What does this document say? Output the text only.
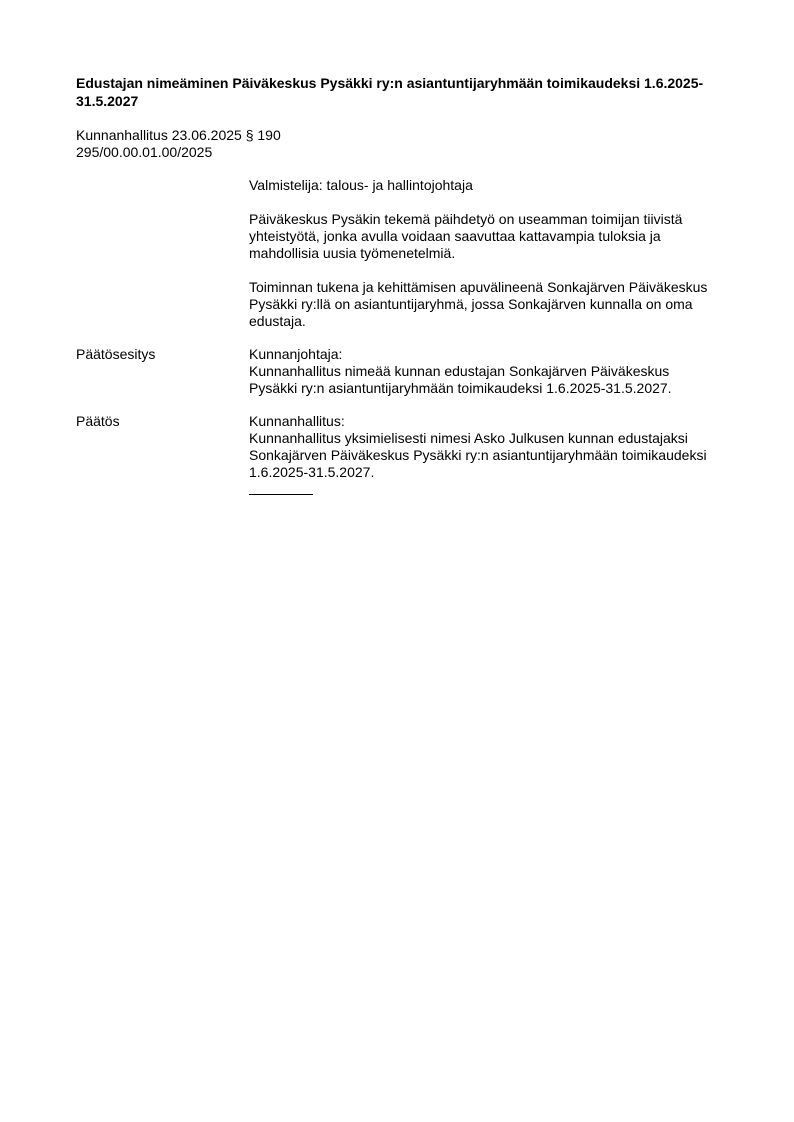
Edustajan nimeäminen Päiväkeskus Pysäkki ry:n asiantuntijaryhmään toimikaudeksi 1.6.2025-31.5.2027
Kunnanhallitus 23.06.2025 § 190
295/00.00.01.00/2025
Valmistelija: talous- ja hallintojohtaja
Päiväkeskus Pysäkin tekemä päihdetyö on useamman toimijan tiivistä
yhteistyötä, jonka avulla voidaan saavuttaa kattavampia tuloksia ja
mahdollisia uusia työmenetelmiä.
Toiminnan tukena ja kehittämisen apuvälineenä Sonkajärven Päiväkeskus
Pysäkki ry:llä on asiantuntijaryhmä, jossa Sonkajärven kunnalla on oma
edustaja.
Päätösesitys	Kunnanjohtaja:
Kunnanhallitus nimeää kunnan edustajan Sonkajärven Päiväkeskus
Pysäkki ry:n asiantuntijaryhmään toimikaudeksi 1.6.2025-31.5.2027.
Päätös	Kunnanhallitus:
Kunnanhallitus yksimielisesti nimesi Asko Julkusen kunnan edustajaksi
Sonkajärven Päiväkeskus Pysäkki ry:n asiantuntijaryhmään toimikaudeksi
1.6.2025-31.5.2027.
